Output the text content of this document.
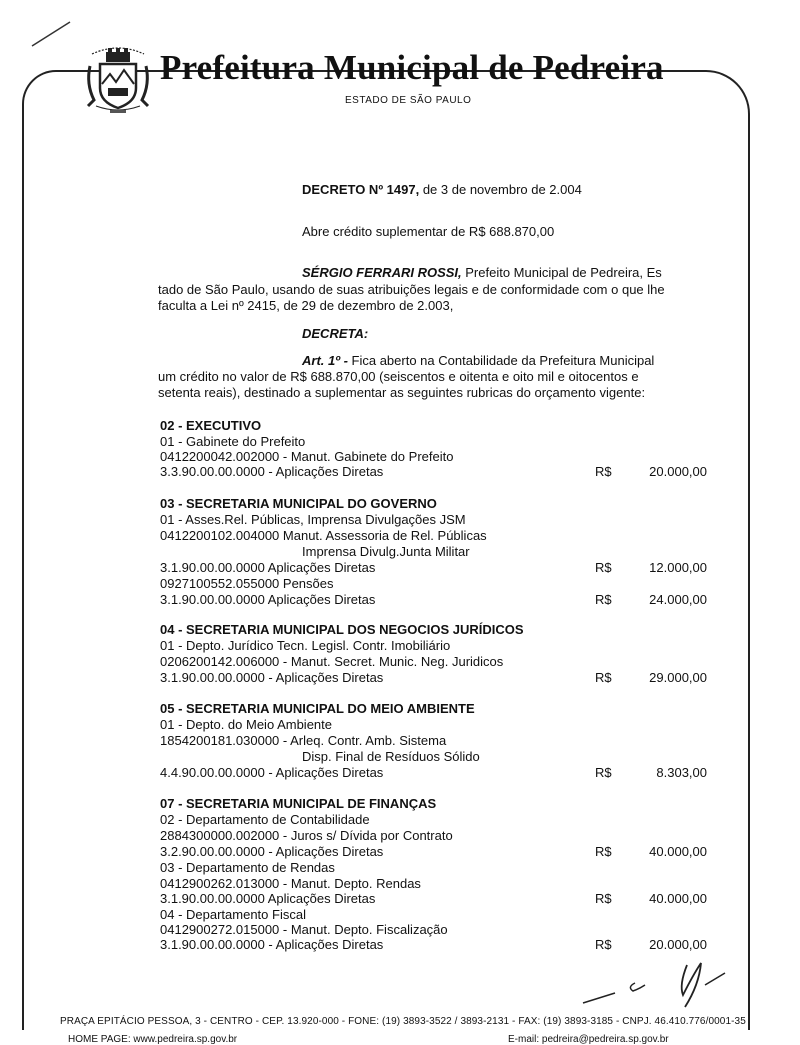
Prefeitura Municipal de Pedreira
ESTADO DE SÃO PAULO
DECRETO Nº 1497, de 3 de novembro de 2.004
Abre crédito suplementar de R$ 688.870,00
SÉRGIO FERRARI ROSSI, Prefeito Municipal de Pedreira, Es
tado de São Paulo, usando de suas atribuições legais e de conformidade com o que lhe
faculta a Lei nº 2415, de 29 de dezembro de 2.003,
DECRETA:
Art. 1º - Fica aberto na Contabilidade da Prefeitura Municipal
um crédito no valor de R$ 688.870,00 (seiscentos e oitenta e oito mil e oitocentos e
setenta reais), destinado a suplementar as seguintes rubricas do orçamento vigente:
02 - EXECUTIVO
01 - Gabinete do Prefeito
0412200042.002000 - Manut. Gabinete do Prefeito
3.3.90.00.00.0000 - Aplicações Diretas	R$	20.000,00
03 - SECRETARIA MUNICIPAL DO GOVERNO
01 - Asses.Rel. Públicas, Imprensa Divulgações JSM
0412200102.004000 Manut. Assessoria de Rel. Públicas
Imprensa Divulg.Junta Militar
3.1.90.00.00.0000 Aplicações Diretas	R$	12.000,00
0927100552.055000 Pensões
3.1.90.00.00.0000 Aplicações Diretas	R$	24.000,00
04 - SECRETARIA MUNICIPAL DOS NEGOCIOS JURÍDICOS
01 - Depto. Jurídico Tecn. Legisl. Contr. Imobiliário
0206200142.006000 - Manut. Secret. Munic. Neg. Juridicos
3.1.90.00.00.0000 - Aplicações Diretas	R$	29.000,00
05 - SECRETARIA MUNICIPAL DO MEIO AMBIENTE
01 - Depto. do Meio Ambiente
1854200181.030000 - Arleq. Contr. Amb. Sistema
Disp. Final de Resíduos Sólido
4.4.90.00.00.0000 - Aplicações Diretas	R$	8.303,00
07 - SECRETARIA MUNICIPAL DE FINANÇAS
02 - Departamento de Contabilidade
2884300000.002000 - Juros s/ Dívida por Contrato
3.2.90.00.00.0000 - Aplicações Diretas	R$	40.000,00
03 - Departamento de Rendas
0412900262.013000 - Manut. Depto. Rendas
3.1.90.00.00.0000 Aplicações Diretas	R$	40.000,00
04 - Departamento Fiscal
0412900272.015000 - Manut. Depto. Fiscalização
3.1.90.00.00.0000 - Aplicações Diretas	R$	20.000,00
PRAÇA EPITÁCIO PESSOA, 3 - CENTRO - CEP. 13.920-000 - FONE: (19) 3893-3522 / 3893-2131 - FAX: (19) 3893-3185 - CNPJ. 46.410.776/0001-35
HOME PAGE: www.pedreira.sp.gov.br	E-mail: pedreira@pedreira.sp.gov.br
